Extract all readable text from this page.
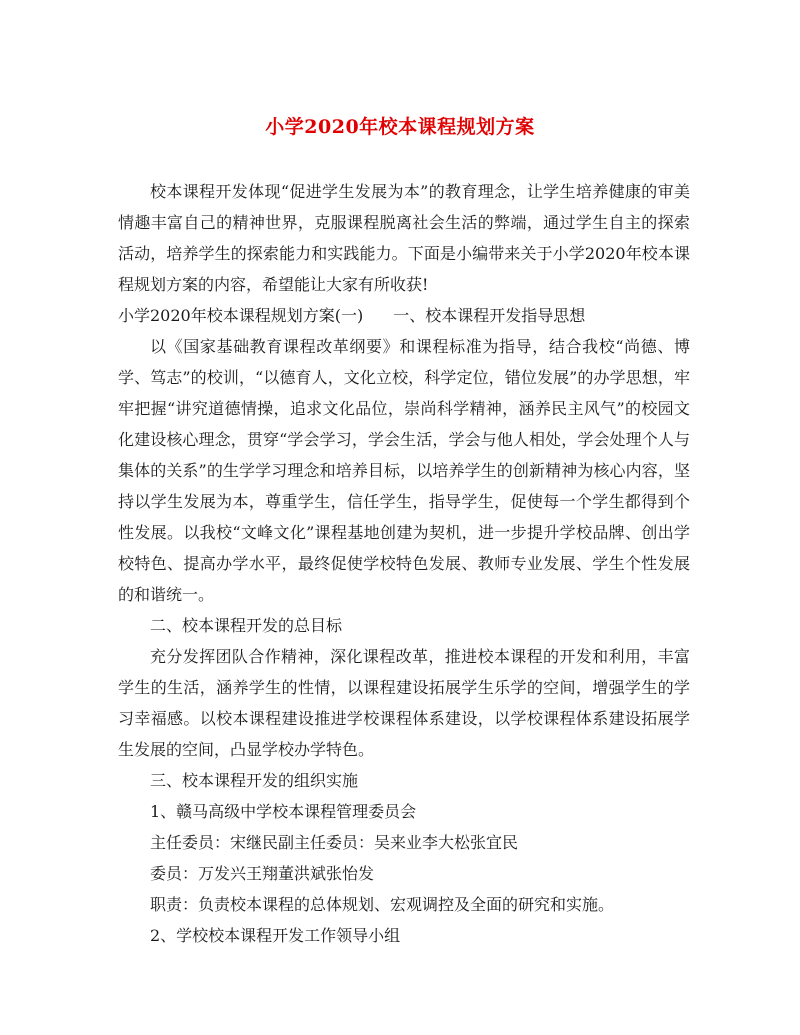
小学2020年校本课程规划方案

校本课程开发体现“促进学生发展为本”的教育理念，让学生培养健康的审美情趣丰富自己的精神世界，克服课程脱离社会生活的弊端，通过学生自主的探索活动，培养学生的探索能力和实践能力。下面是小编带来关于小学2020年校本课程规划方案的内容，希望能让大家有所收获!

小学2020年校本课程规划方案(一) 一、校本课程开发指导思想

以《国家基础教育课程改革纲要》和课程标准为指导，结合我校“尚德、博学、笃志”的校训，“以德育人，文化立校，科学定位，错位发展”的办学思想，牢牢把握“讲究道德情操，追求文化品位，崇尚科学精神，涵养民主风气”的校园文化建设核心理念，贯穿“学会学习，学会生活，学会与他人相处，学会处理个人与集体的关系”的生学学习理念和培养目标，以培养学生的创新精神为核心内容，坚持以学生发展为本，尊重学生，信任学生，指导学生，促使每一个学生都得到个性发展。以我校“文峰文化”课程基地创建为契机，进一步提升学校品牌、创出学校特色、提高办学水平，最终促使学校特色发展、教师专业发展、学生个性发展的和谐统一。

二、校本课程开发的总目标

充分发挥团队合作精神，深化课程改革，推进校本课程的开发和利用，丰富学生的生活，涵养学生的性情，以课程建设拓展学生乐学的空间，增强学生的学习幸福感。以校本课程建设推进学校课程体系建设，以学校课程体系建设拓展学生发展的空间，凸显学校办学特色。

三、校本课程开发的组织实施

1、赣马高级中学校本课程管理委员会

主任委员：宋继民副主任委员：吴来业李大松张宜民

委员：万发兴王翔董洪斌张怡发

职责：负责校本课程的总体规划、宏观调控及全面的研究和实施。

2、学校校本课程开发工作领导小组
